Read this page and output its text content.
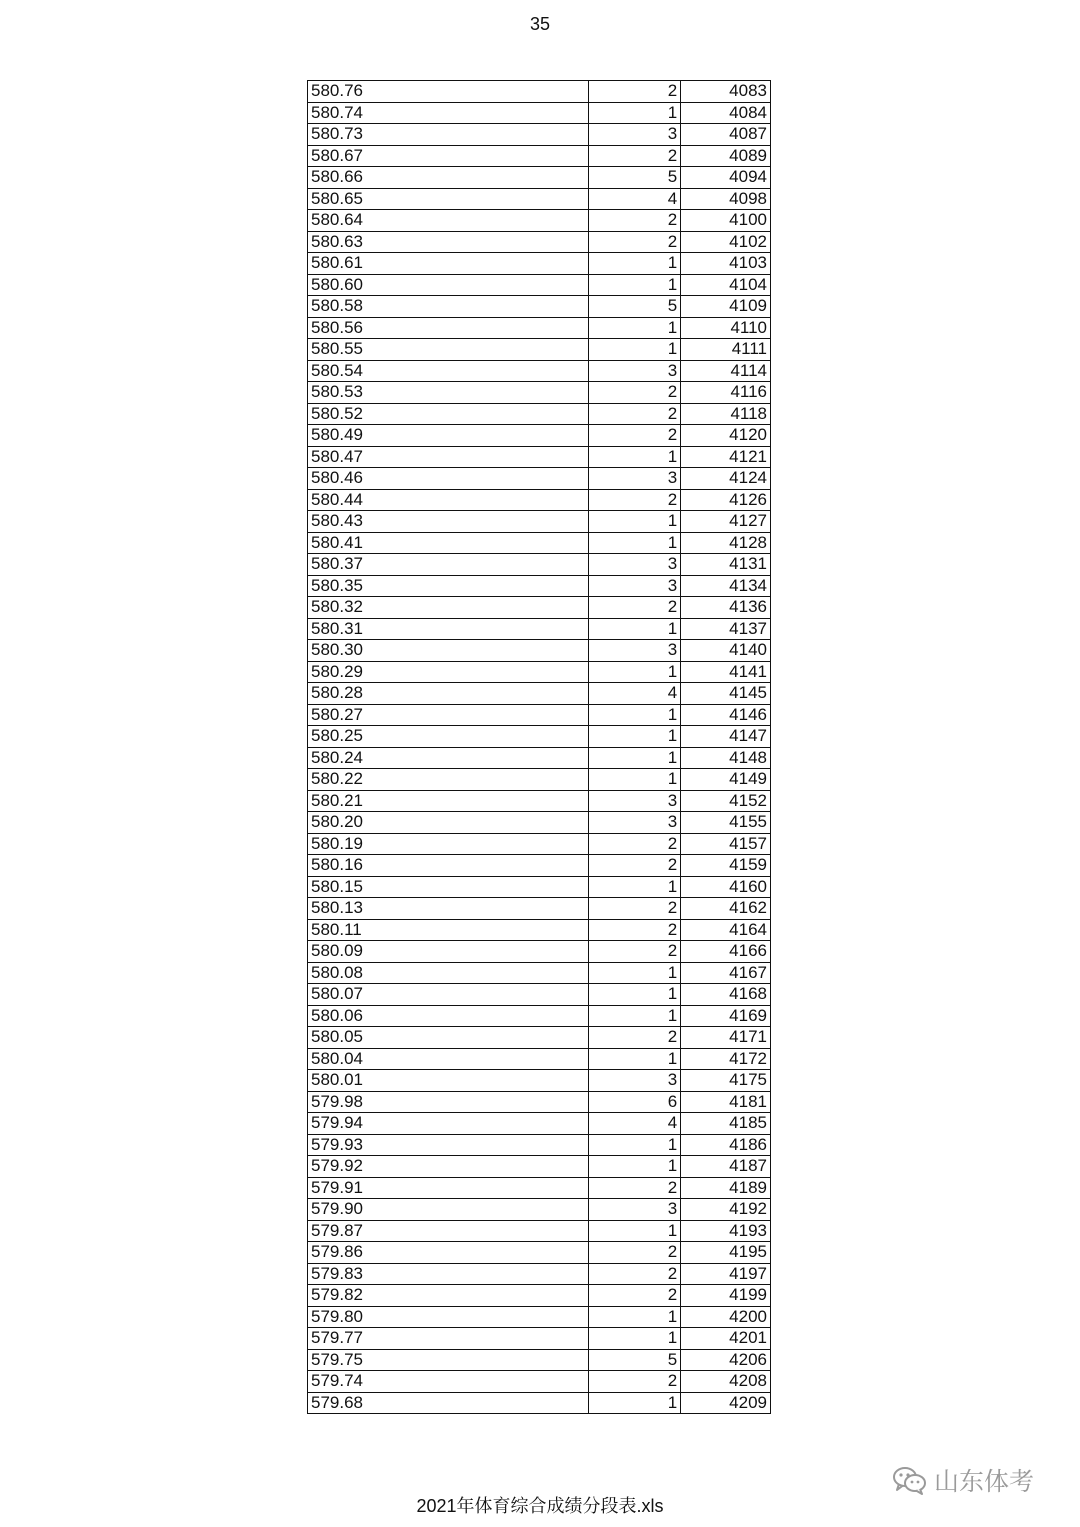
35
580.76	2	4083
580.74	1	4084
580.73	3	4087
580.67	2	4089
580.66	5	4094
580.65	4	4098
580.64	2	4100
580.63	2	4102
580.61	1	4103
580.60	1	4104
580.58	5	4109
580.56	1	4110
580.55	1	4111
580.54	3	4114
580.53	2	4116
580.52	2	4118
580.49	2	4120
580.47	1	4121
580.46	3	4124
580.44	2	4126
580.43	1	4127
580.41	1	4128
580.37	3	4131
580.35	3	4134
580.32	2	4136
580.31	1	4137
580.30	3	4140
580.29	1	4141
580.28	4	4145
580.27	1	4146
580.25	1	4147
580.24	1	4148
580.22	1	4149
580.21	3	4152
580.20	3	4155
580.19	2	4157
580.16	2	4159
580.15	1	4160
580.13	2	4162
580.11	2	4164
580.09	2	4166
580.08	1	4167
580.07	1	4168
580.06	1	4169
580.05	2	4171
580.04	1	4172
580.01	3	4175
579.98	6	4181
579.94	4	4185
579.93	1	4186
579.92	1	4187
579.91	2	4189
579.90	3	4192
579.87	1	4193
579.86	2	4195
579.83	2	4197
579.82	2	4199
579.80	1	4200
579.77	1	4201
579.75	5	4206
579.74	2	4208
579.68	1	4209
2021年体育综合成绩分段表.xls
山东体考
